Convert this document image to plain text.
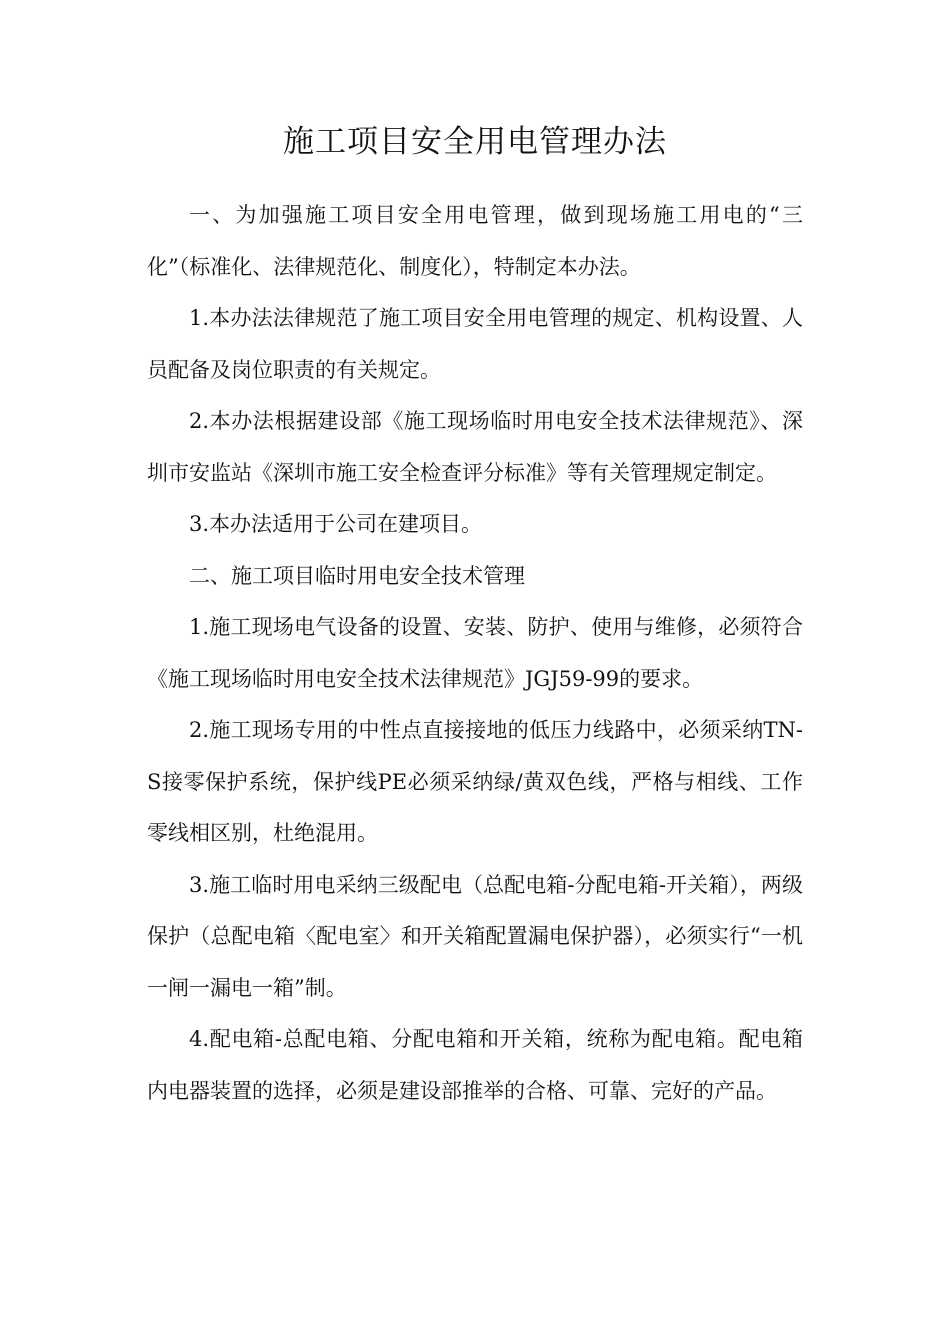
施工项目安全用电管理办法

一、为加强施工项目安全用电管理，做到现场施工用电的“三化”（标准化、法律规范化、制度化），特制定本办法。

1.本办法法律规范了施工项目安全用电管理的规定、机构设置、人员配备及岗位职责的有关规定。

2.本办法根据建设部《施工现场临时用电安全技术法律规范》、深圳市安监站《深圳市施工安全检查评分标准》等有关管理规定制定。

3.本办法适用于公司在建项目。

二、施工项目临时用电安全技术管理

1.施工现场电气设备的设置、安装、防护、使用与维修，必须符合《施工现场临时用电安全技术法律规范》JGJ59-99的要求。

2.施工现场专用的中性点直接接地的低压力线路中，必须采纳TN-S接零保护系统，保护线PE必须采纳绿/黄双色线，严格与相线、工作零线相区别，杜绝混用。

3.施工临时用电采纳三级配电（总配电箱-分配电箱-开关箱），两级保护（总配电箱〈配电室〉和开关箱配置漏电保护器），必须实行“一机一闸一漏电一箱”制。

4.配电箱-总配电箱、分配电箱和开关箱，统称为配电箱。配电箱内电器装置的选择，必须是建设部推举的合格、可靠、完好的产品。
